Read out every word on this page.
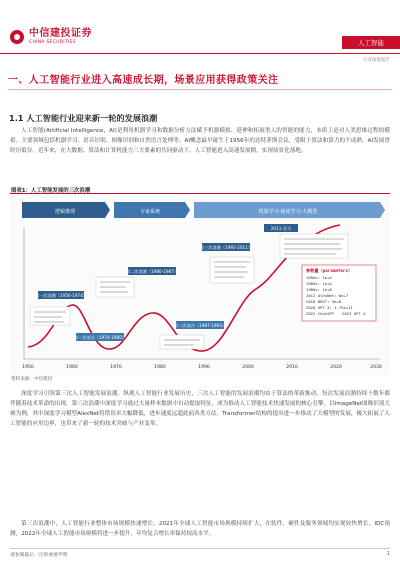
中信建投证券
CHINA SECURITIES	人工智能
行业深度报告
一、人工智能行业进入高速成长期，场景应用获得政策关注
1.1 人工智能行业迎来新一轮的发展浪潮

人工智能(Artificial Intelligence，AI)是利用机器学习和数据分析方法赋予机器模拟、延伸和拓展类人的智能的能力，本质上是对人类思维过程的模拟。主要领域包括机器学习、语音识别、图像识别和自然语言处理等。AI概念最早诞生于1956年的达特茅斯会议，受限于算法和算力的不成熟，AI发展曾经历低谷。近年来，在大数据、算法和计算机能力三大要素的共同驱动下，人工智能进入高速发展期，实现场景化落地。

图表1：人工智能发展的三次浪潮
逻辑推理	专家系统	机器学习-深度学习-大模型
第一次浪潮（1956-1974）
第一次低谷（1974-1980）
第二次浪潮（1980-1987）
第二次低谷（1987-1993）
第三次浪潮（1993-2011）
2011-至今
参数量（parameters）
1950s: 1e+4
1960s: 1e+5
1980s: 1e+6
2012 AlexNet: 6e+7
2018 BERT: 3e+8
2020 GPT-3: 1.75e+11
2022 ChatGPT 2023 GPT-4
1950	1960	1970	1980	1990	2000	2010	2020	2030
资料来源：中信建投

深度学习引领第三次人工智能发展浪潮。纵观人工智能行业发展历史，三次人工智能的发展浪潮均由于算法的革新推动，每次发展浪潮持续十数年都伴随着技术革命的出现。第三次浪潮中深度学习通过大量样本数据中自动提取特征，成为推动人工智能技术快速发展的核心引擎。以ImageNet图像识别大赛为例，其中深度学习模型AlexNet将错误率大幅降低，进步速度远超此前各类方法。Transformer结构的提出进一步推动了大模型的发展，极大拓展了人工智能的应用边界，也带来了新一轮的技术突破与产业变革。

第三次浪潮中，人工智能行业整体市场规模快速增长。2021年全球人工智能市场规模持续扩大，在软件、硬件及服务领域均实现较快增长。IDC预测，2022年全球人工智能市场规模将进一步提升，年均复合增长率保持较高水平。

请参阅最后一页的重要声明	1
